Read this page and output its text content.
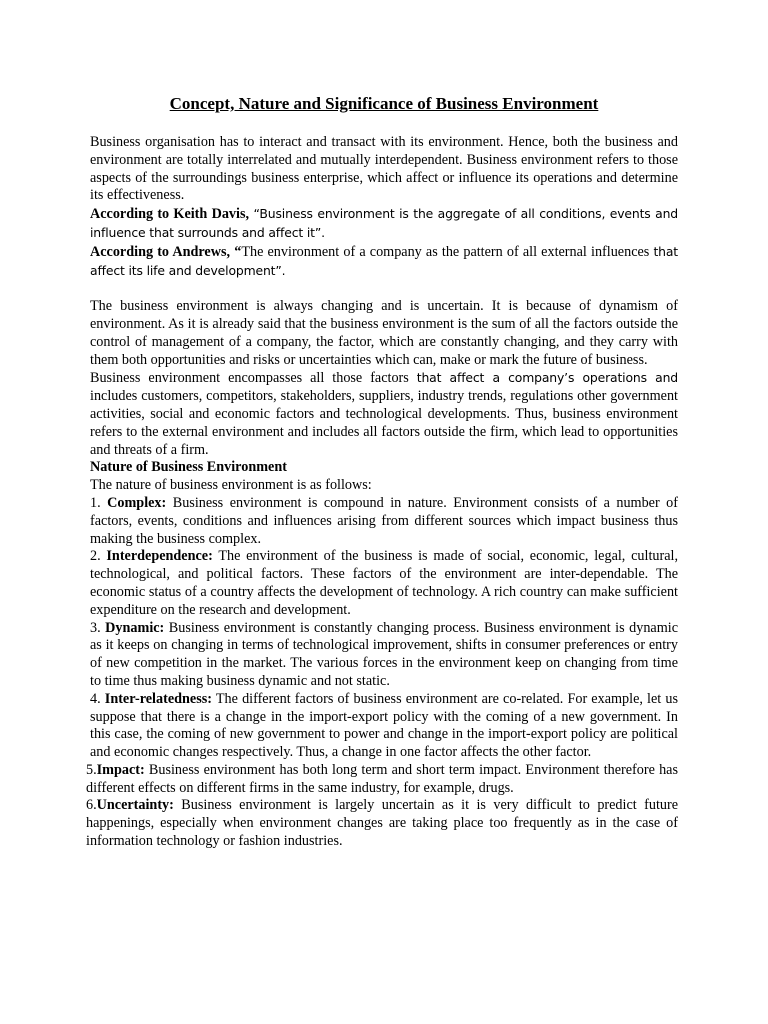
Concept, Nature and Significance of Business Environment

Business organisation has to interact and transact with its environment. Hence, both the business and environment are totally interrelated and mutually interdependent. Business environment refers to those aspects of the surroundings business enterprise, which affect or influence its operations and determine its effectiveness.
According to Keith Davis, “Business environment is the aggregate of all conditions, events and influence that surrounds and affect it”.
According to Andrews, “The environment of a company as the pattern of all external influences that affect its life and development”.

The business environment is always changing and is uncertain. It is because of dynamism of environment. As it is already said that the business environment is the sum of all the factors outside the control of management of a company, the factor, which are constantly changing, and they carry with them both opportunities and risks or uncertainties which can, make or mark the future of business.

Business environment encompasses all those factors that affect a company’s operations and includes customers, competitors, stakeholders, suppliers, industry trends, regulations other government activities, social and economic factors and technological developments. Thus, business environment refers to the external environment and includes all factors outside the firm, which lead to opportunities and threats of a firm.

Nature of Business Environment

The nature of business environment is as follows:

1. Complex: Business environment is compound in nature. Environment consists of a number of factors, events, conditions and influences arising from different sources which impact business thus making the business complex.

2. Interdependence: The environment of the business is made of social, economic, legal, cultural, technological, and political factors. These factors of the environment are inter-dependable. The economic status of a country affects the development of technology. A rich country can make sufficient expenditure on the research and development.

3. Dynamic: Business environment is constantly changing process. Business environment is dynamic as it keeps on changing in terms of technological improvement, shifts in consumer preferences or entry of new competition in the market. The various forces in the environment keep on changing from time to time thus making business dynamic and not static.

4. Inter-relatedness: The different factors of business environment are co-related. For example, let us suppose that there is a change in the import-export policy with the coming of a new government. In this case, the coming of new government to power and change in the import-export policy are political and economic changes respectively. Thus, a change in one factor affects the other factor.

5.Impact: Business environment has both long term and short term impact. Environment therefore has different effects on different firms in the same industry, for example, drugs.

6.Uncertainty: Business environment is largely uncertain as it is very difficult to predict future happenings, especially when environment changes are taking place too frequently as in the case of information technology or fashion industries.
